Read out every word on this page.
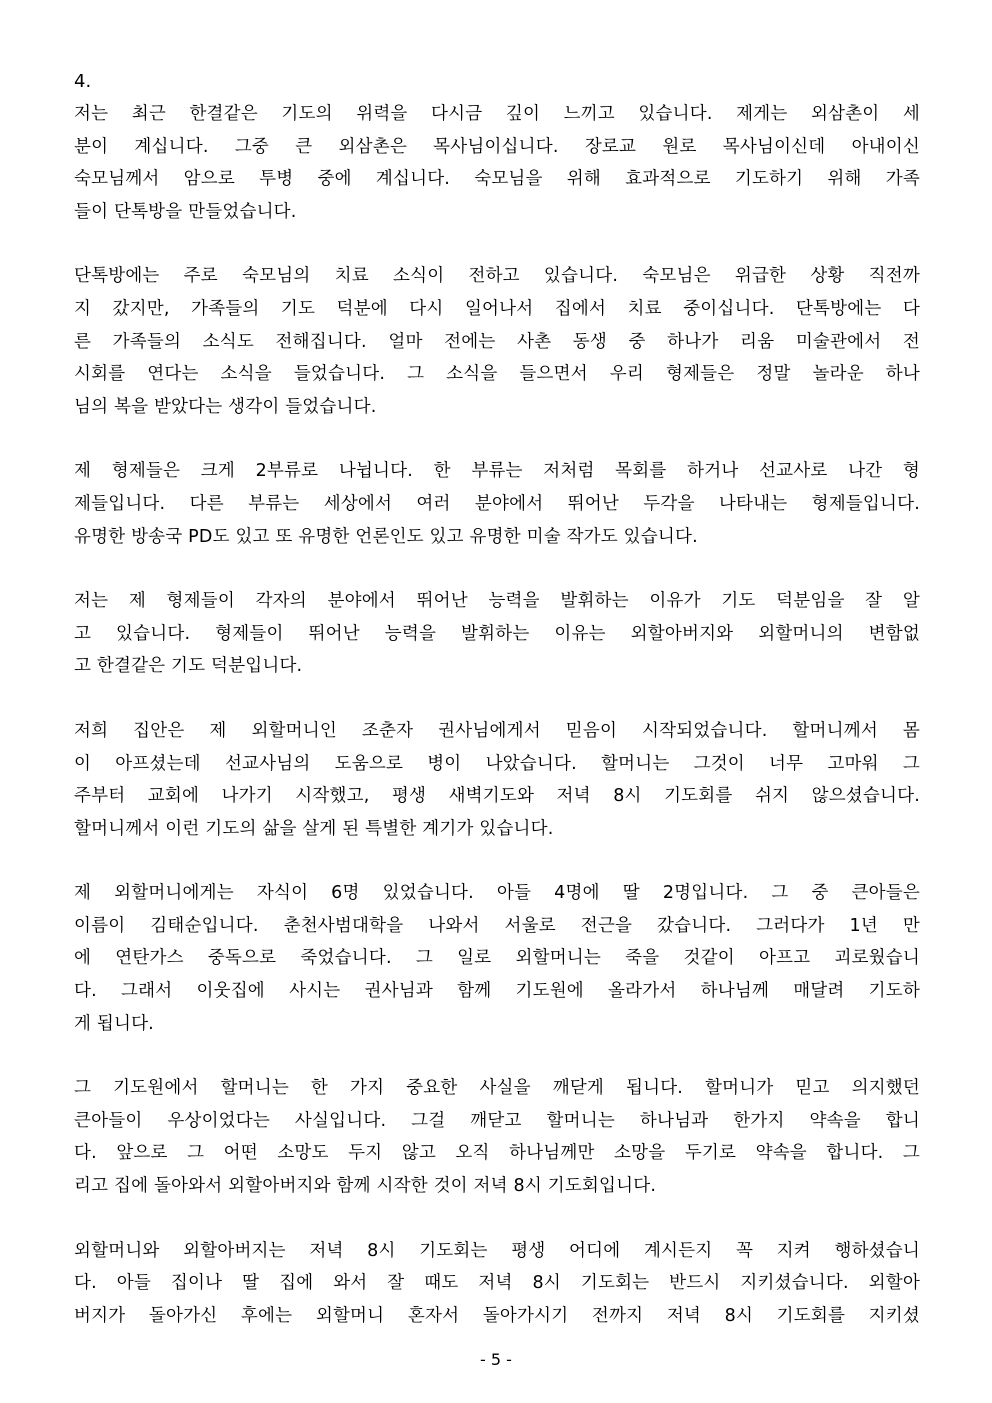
4.

저는 최근 한결같은 기도의 위력을 다시금 깊이 느끼고 있습니다. 제게는 외삼촌이 세
분이 계십니다. 그중 큰 외삼촌은 목사님이십니다. 장로교 원로 목사님이신데 아내이신
숙모님께서 암으로 투병 중에 계십니다. 숙모님을 위해 효과적으로 기도하기 위해 가족
들이 단톡방을 만들었습니다.
단톡방에는 주로 숙모님의 치료 소식이 전하고 있습니다. 숙모님은 위급한 상황 직전까
지 갔지만, 가족들의 기도 덕분에 다시 일어나서 집에서 치료 중이십니다. 단톡방에는 다
른 가족들의 소식도 전해집니다. 얼마 전에는 사촌 동생 중 하나가 리움 미술관에서 전
시회를 연다는 소식을 들었습니다. 그 소식을 들으면서 우리 형제들은 정말 놀라운 하나
님의 복을 받았다는 생각이 들었습니다.
제 형제들은 크게 2부류로 나뉩니다. 한 부류는 저처럼 목회를 하거나 선교사로 나간 형
제들입니다. 다른 부류는 세상에서 여러 분야에서 뛰어난 두각을 나타내는 형제들입니다.
유명한 방송국 PD도 있고 또 유명한 언론인도 있고 유명한 미술 작가도 있습니다.
저는 제 형제들이 각자의 분야에서 뛰어난 능력을 발휘하는 이유가 기도 덕분임을 잘 알
고 있습니다. 형제들이 뛰어난 능력을 발휘하는 이유는 외할아버지와 외할머니의 변함없
고 한결같은 기도 덕분입니다.
저희 집안은 제 외할머니인 조춘자 권사님에게서 믿음이 시작되었습니다. 할머니께서 몸
이 아프셨는데 선교사님의 도움으로 병이 나았습니다. 할머니는 그것이 너무 고마워 그
주부터 교회에 나가기 시작했고, 평생 새벽기도와 저녁 8시 기도회를 쉬지 않으셨습니다.
할머니께서 이런 기도의 삶을 살게 된 특별한 계기가 있습니다.
제 외할머니에게는 자식이 6명 있었습니다. 아들 4명에 딸 2명입니다. 그 중 큰아들은
이름이 김태순입니다. 춘천사범대학을 나와서 서울로 전근을 갔습니다. 그러다가 1년 만
에 연탄가스 중독으로 죽었습니다. 그 일로 외할머니는 죽을 것같이 아프고 괴로웠습니
다. 그래서 이웃집에 사시는 권사님과 함께 기도원에 올라가서 하나님께 매달려 기도하
게 됩니다.
그 기도원에서 할머니는 한 가지 중요한 사실을 깨닫게 됩니다. 할머니가 믿고 의지했던
큰아들이 우상이었다는 사실입니다. 그걸 깨닫고 할머니는 하나님과 한가지 약속을 합니
다. 앞으로 그 어떤 소망도 두지 않고 오직 하나님께만 소망을 두기로 약속을 합니다. 그
리고 집에 돌아와서 외할아버지와 함께 시작한 것이 저녁 8시 기도회입니다.
외할머니와 외할아버지는 저녁 8시 기도회는 평생 어디에 계시든지 꼭 지켜 행하셨습니
다. 아들 집이나 딸 집에 와서 잘 때도 저녁 8시 기도회는 반드시 지키셨습니다. 외할아
버지가 돌아가신 후에는 외할머니 혼자서 돌아가시기 전까지 저녁 8시 기도회를 지키셨
- 5 -
